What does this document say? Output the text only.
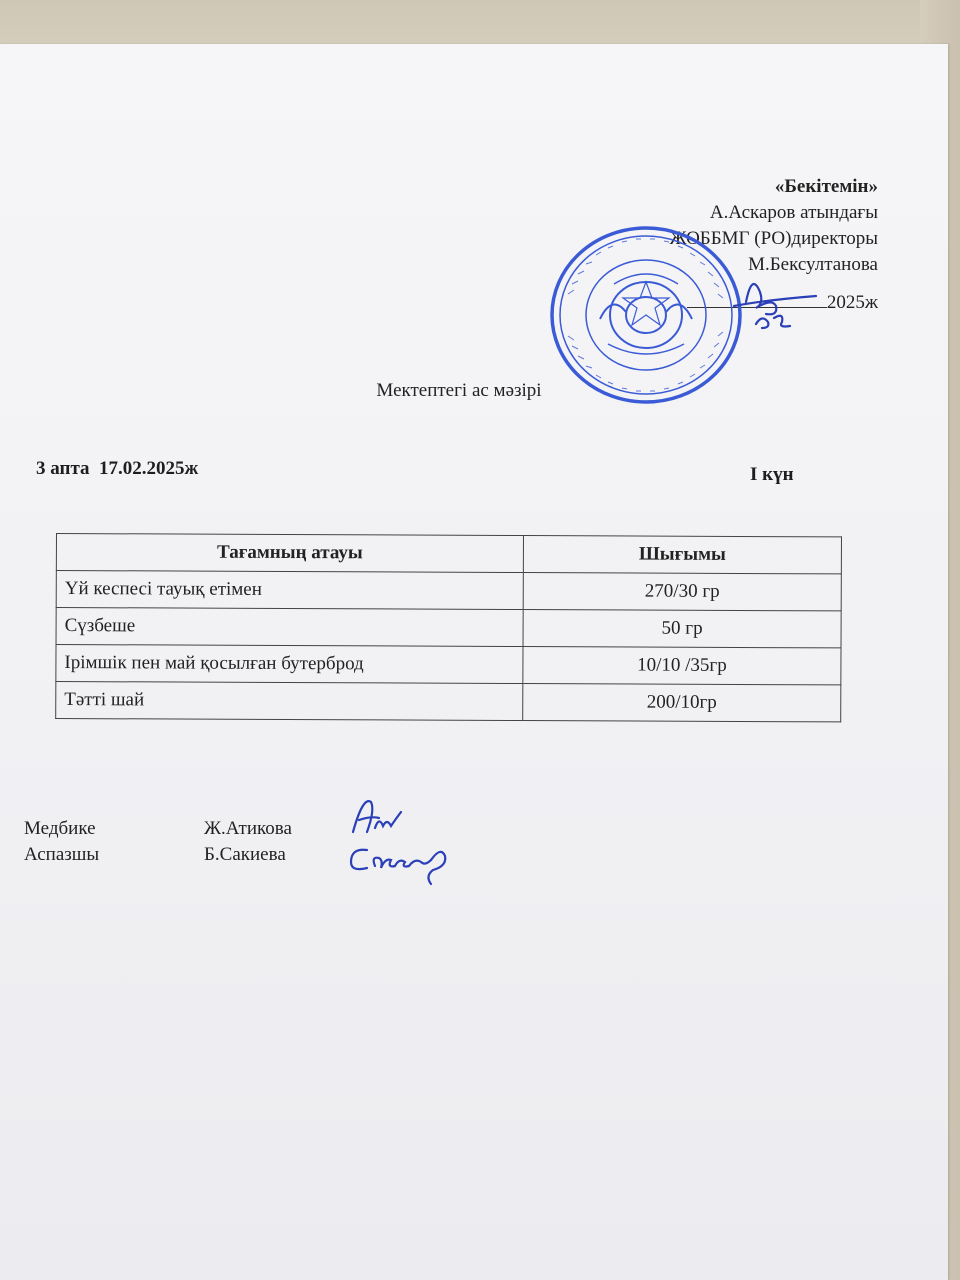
«Бекітемін»
А.Аскаров атындағы
ЖОББМГ (РО)директоры
М.Бексултанова
2025ж
Мектептегі ас мәзірі
3 апта 17.02.2025ж	I күн
Тағамның атауы	Шығымы
Үй кеспесі тауық етімен	270/30 гр
Сүзбеше	50 гр
Ірімшік пен май қосылған бутерброд	10/10 /35гр
Тәтті шай	200/10гр
Медбике	Ж.Атикова
Аспазшы	Б.Сакиева
